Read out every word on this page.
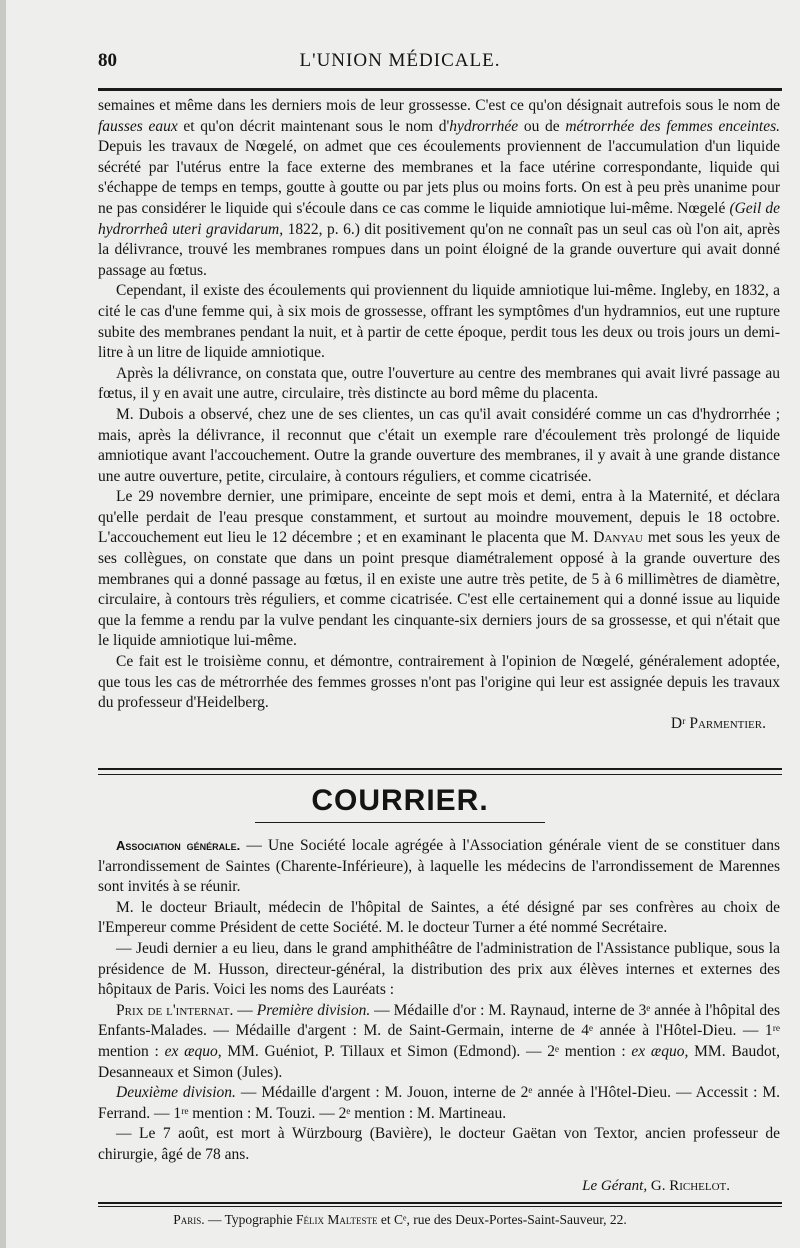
80	L'UNION MÉDICALE.

semaines et même dans les derniers mois de leur grossesse. C'est ce qu'on désignait autrefois sous le nom de fausses eaux et qu'on décrit maintenant sous le nom d'hydrorrhée ou de métrorrhée des femmes enceintes. Depuis les travaux de Nœgelé, on admet que ces écoulements proviennent de l'accumulation d'un liquide sécrété par l'utérus entre la face externe des membranes et la face utérine correspondante, liquide qui s'échappe de temps en temps, goutte à goutte ou par jets plus ou moins forts. On est à peu près unanime pour ne pas considérer le liquide qui s'écoule dans ce cas comme le liquide amniotique lui-même. Nœgelé (Geil de hydrorrheâ uteri gravidarum, 1822, p. 6.) dit positivement qu'on ne connaît pas un seul cas où l'on ait, après la délivrance, trouvé les membranes rompues dans un point éloigné de la grande ouverture qui avait donné passage au fœtus.

Cependant, il existe des écoulements qui proviennent du liquide amniotique lui-même. Ingleby, en 1832, a cité le cas d'une femme qui, à six mois de grossesse, offrant les symptômes d'un hydramnios, eut une rupture subite des membranes pendant la nuit, et à partir de cette époque, perdit tous les deux ou trois jours un demi-litre à un litre de liquide amniotique.

Après la délivrance, on constata que, outre l'ouverture au centre des membranes qui avait livré passage au fœtus, il y en avait une autre, circulaire, très distincte au bord même du placenta.

M. Dubois a observé, chez une de ses clientes, un cas qu'il avait considéré comme un cas d'hydrorrhée ; mais, après la délivrance, il reconnut que c'était un exemple rare d'écoulement très prolongé de liquide amniotique avant l'accouchement. Outre la grande ouverture des membranes, il y avait à une grande distance une autre ouverture, petite, circulaire, à contours réguliers, et comme cicatrisée.

Le 29 novembre dernier, une primipare, enceinte de sept mois et demi, entra à la Maternité, et déclara qu'elle perdait de l'eau presque constamment, et surtout au moindre mouvement, depuis le 18 octobre. L'accouchement eut lieu le 12 décembre ; et en examinant le placenta que M. Danyau met sous les yeux de ses collègues, on constate que dans un point presque diamétralement opposé à la grande ouverture des membranes qui a donné passage au fœtus, il en existe une autre très petite, de 5 à 6 millimètres de diamètre, circulaire, à contours très réguliers, et comme cicatrisée. C'est elle certainement qui a donné issue au liquide que la femme a rendu par la vulve pendant les cinquante-six derniers jours de sa grossesse, et qui n'était que le liquide amniotique lui-même.

Ce fait est le troisième connu, et démontre, contrairement à l'opinion de Nœgelé, généralement adoptée, que tous les cas de métrorrhée des femmes grosses n'ont pas l'origine qui leur est assignée depuis les travaux du professeur d'Heidelberg.

Dʳ Parmentier.

COURRIER.

Association générale. — Une Société locale agrégée à l'Association générale vient de se constituer dans l'arrondissement de Saintes (Charente-Inférieure), à laquelle les médecins de l'arrondissement de Marennes sont invités à se réunir.

M. le docteur Briault, médecin de l'hôpital de Saintes, a été désigné par ses confrères au choix de l'Empereur comme Président de cette Société. M. le docteur Turner a été nommé Secrétaire.

— Jeudi dernier a eu lieu, dans le grand amphithéâtre de l'administration de l'Assistance publique, sous la présidence de M. Husson, directeur-général, la distribution des prix aux élèves internes et externes des hôpitaux de Paris. Voici les noms des Lauréats :

Prix de l'internat. — Première division. — Médaille d'or : M. Raynaud, interne de 3ᵉ année à l'hôpital des Enfants-Malades. — Médaille d'argent : M. de Saint-Germain, interne de 4ᵉ année à l'Hôtel-Dieu. — 1ʳᵉ mention : ex æquo, MM. Guéniot, P. Tillaux et Simon (Edmond). — 2ᵉ mention : ex æquo, MM. Baudot, Desanneaux et Simon (Jules).

Deuxième division. — Médaille d'argent : M. Jouon, interne de 2ᵉ année à l'Hôtel-Dieu. — Accessit : M. Ferrand. — 1ʳᵉ mention : M. Touzi. — 2ᵉ mention : M. Martineau.

— Le 7 août, est mort à Würzbourg (Bavière), le docteur Gaëtan von Textor, ancien professeur de chirurgie, âgé de 78 ans.

Le Gérant, G. Richelot.
Paris. — Typographie Félix Malteste et Cᵉ, rue des Deux-Portes-Saint-Sauveur, 22.
